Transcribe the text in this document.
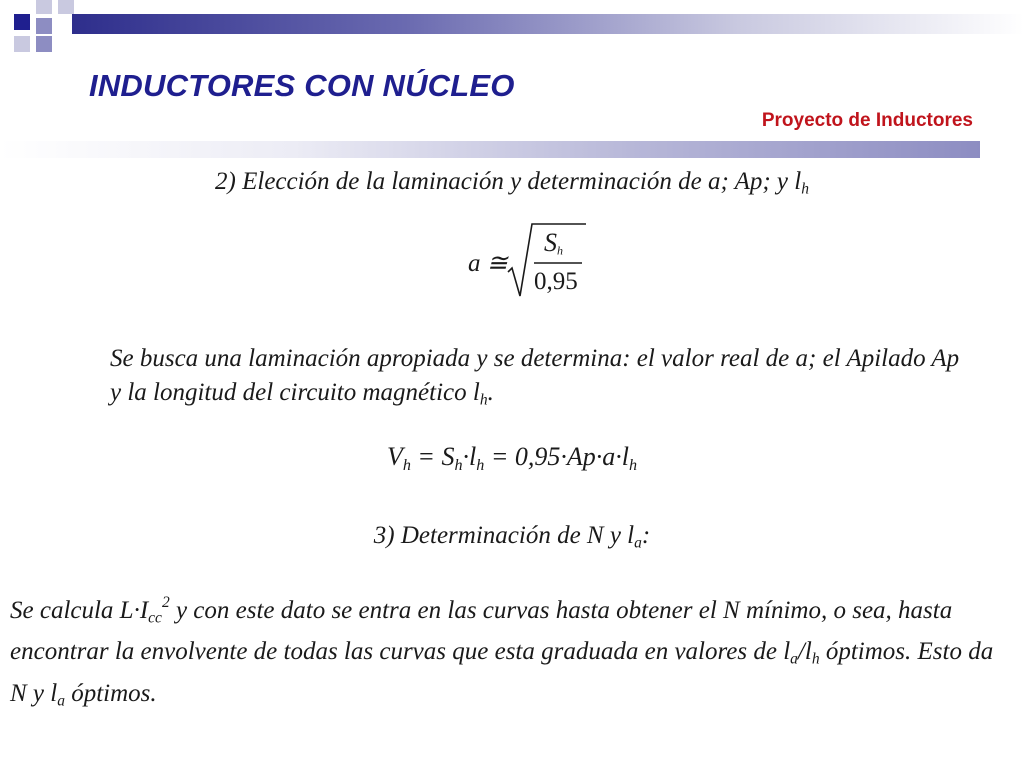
INDUCTORES CON NÚCLEO
Proyecto de Inductores
2) Elección de la laminación y determinación de a; Ap; y $l_h$
a ≅
$S_h$
0,95

Se busca una laminación apropiada y se determina: el valor real de a; el Apilado Ap y la longitud del circuito magnético $l_h$.

$V_h = S_h\cdot l_h = 0,95\cdot Ap\cdot a\cdot l_h$
3) Determinación de N y $l_a$:

Se calcula $L\cdot I_{cc}^2$ y con este dato se entra en las curvas hasta obtener el N mínimo, o sea, hasta encontrar la envolvente de todas las curvas que esta graduada en valores de $l_a/l_h$ óptimos. Esto da N y $l_a$ óptimos.
